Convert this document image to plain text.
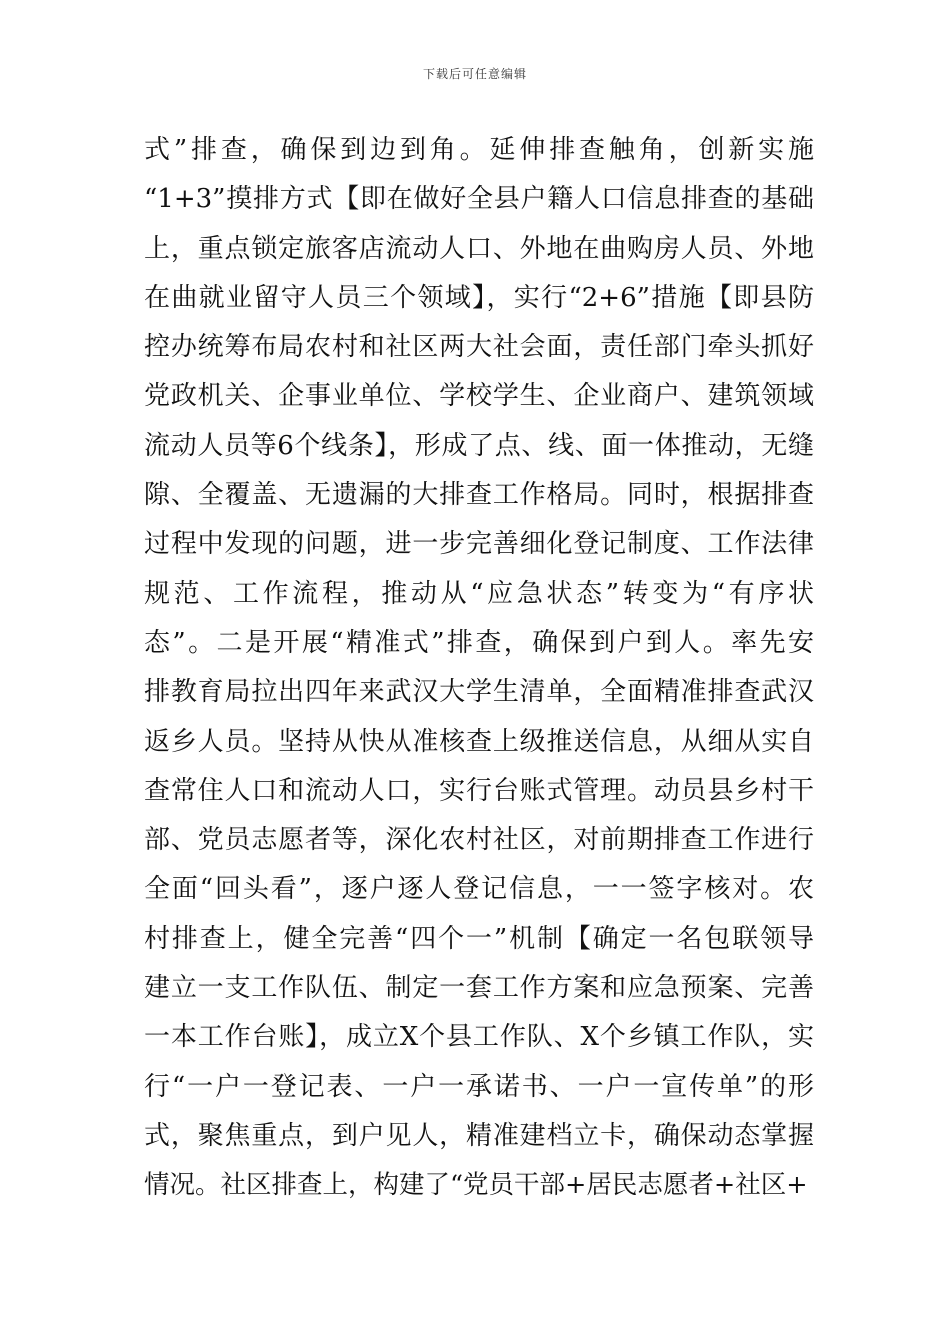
下载后可任意编辑
式”排查，确保到边到角。延伸排查触角，创新实施
“1+3”摸排方式【即在做好全县户籍人口信息排查的基础
上，重点锁定旅客店流动人口、外地在曲购房人员、外地
在曲就业留守人员三个领域】，实行“2+6”措施【即县防
控办统筹布局农村和社区两大社会面，责任部门牵头抓好
党政机关、企事业单位、学校学生、企业商户、建筑领域
流动人员等6个线条】，形成了点、线、面一体推动，无缝
隙、全覆盖、无遗漏的大排查工作格局。同时，根据排查
过程中发现的问题，进一步完善细化登记制度、工作法律
规范、工作流程，推动从“应急状态”转变为“有序状
态”。二是开展“精准式”排查，确保到户到人。率先安
排教育局拉出四年来武汉大学生清单，全面精准排查武汉
返乡人员。坚持从快从准核查上级推送信息，从细从实自
查常住人口和流动人口，实行台账式管理。动员县乡村干
部、党员志愿者等，深化农村社区，对前期排查工作进行
全面“回头看”，逐户逐人登记信息，一一签字核对。农
村排查上，健全完善“四个一”机制【确定一名包联领导
建立一支工作队伍、制定一套工作方案和应急预案、完善
一本工作台账】，成立X个县工作队、X个乡镇工作队，实
行“一户一登记表、一户一承诺书、一户一宣传单”的形
式，聚焦重点，到户见人，精准建档立卡，确保动态掌握
情况。社区排查上，构建了“党员干部+居民志愿者+社区+
